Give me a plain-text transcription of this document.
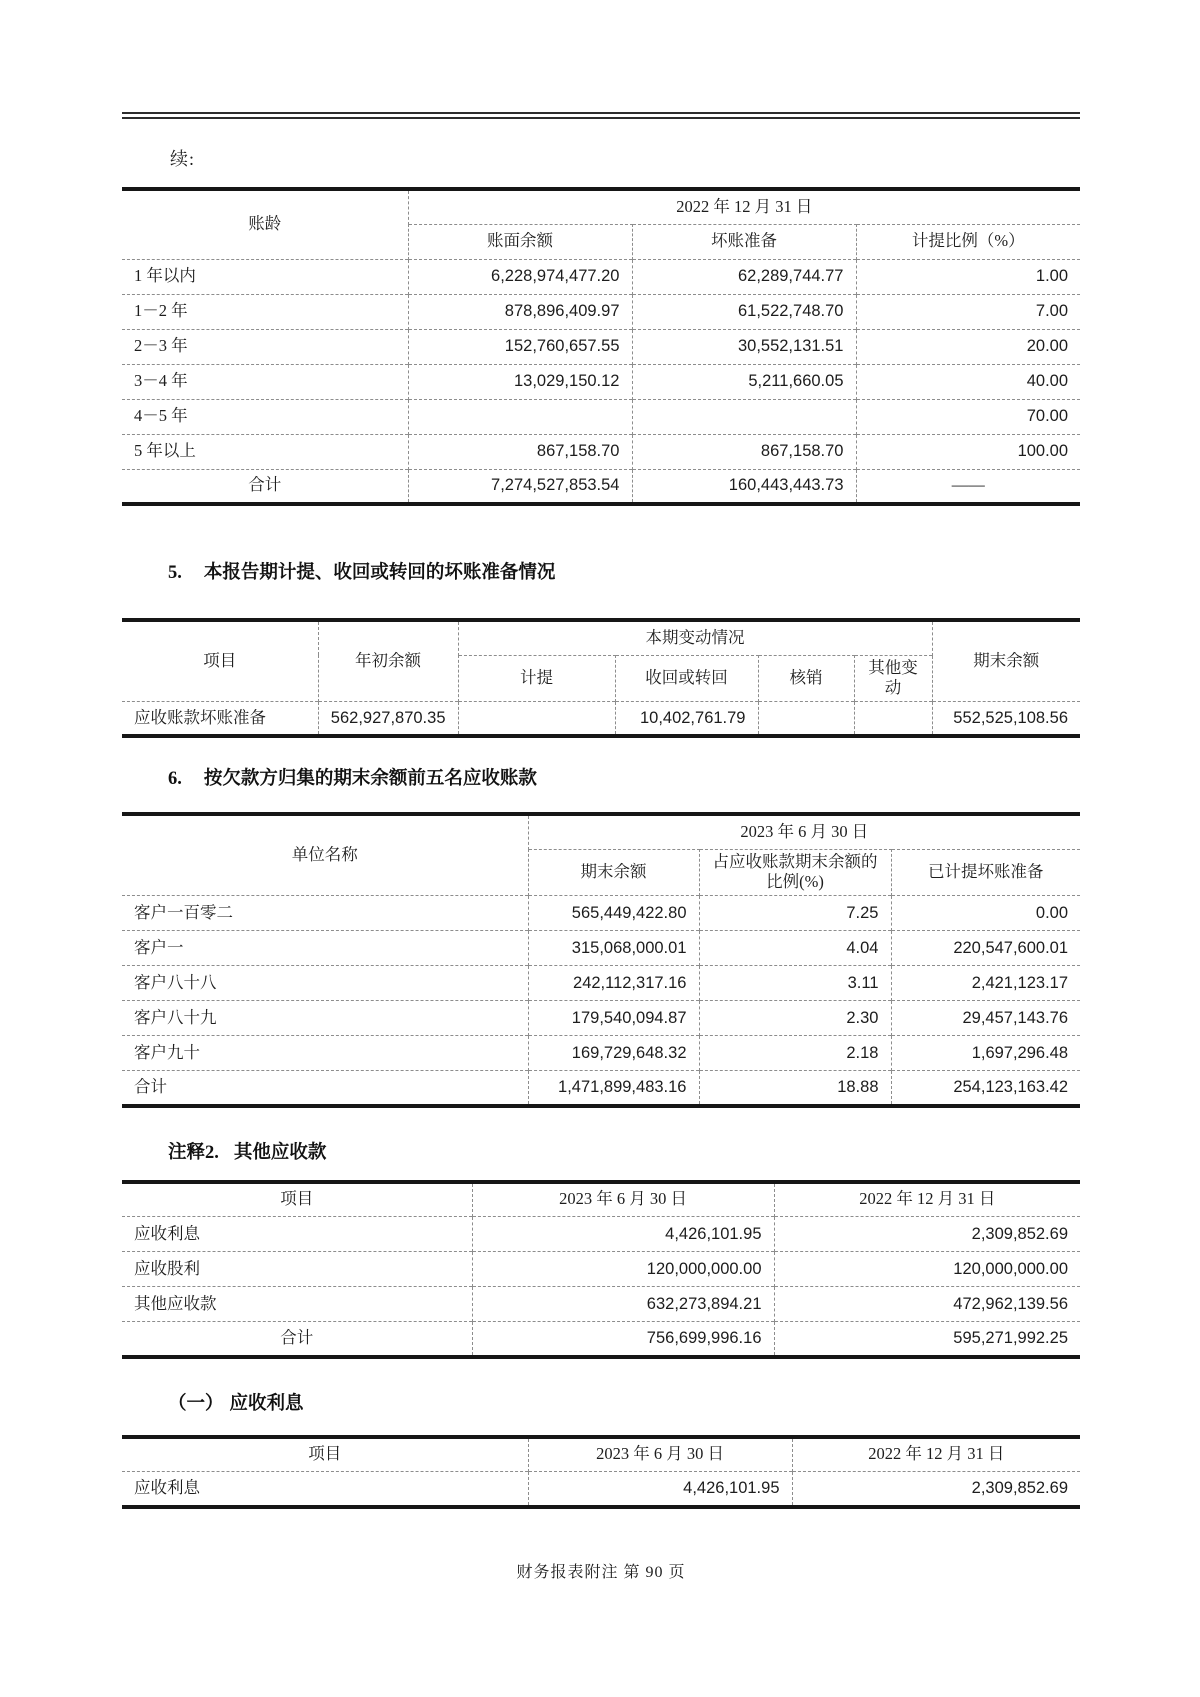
续:
账龄	2022 年 12 月 31 日		
	账面余额	坏账准备	计提比例（%）
1 年以内	6,228,974,477.20	62,289,744.77	1.00
1－2 年	878,896,409.97	61,522,748.70	7.00
2－3 年	152,760,657.55	30,552,131.51	20.00
3－4 年	13,029,150.12	5,211,660.05	40.00
4－5 年			70.00
5 年以上	867,158.70	867,158.70	100.00
合计	7,274,527,853.54	160,443,443.73	——
5. 本报告期计提、收回或转回的坏账准备情况
项目	年初余额	本期变动情况				期末余额
		计提	收回或转回	核销	其他变动	
应收账款坏账准备	562,927,870.35		10,402,761.79			552,525,108.56
6. 按欠款方归集的期末余额前五名应收账款
单位名称	2023 年 6 月 30 日		
	期末余额	占应收账款期末余额的比例(%)	已计提坏账准备
客户一百零二	565,449,422.80	7.25	0.00
客户一	315,068,000.01	4.04	220,547,600.01
客户八十八	242,112,317.16	3.11	2,421,123.17
客户八十九	179,540,094.87	2.30	29,457,143.76
客户九十	169,729,648.32	2.18	1,697,296.48
合计	1,471,899,483.16	18.88	254,123,163.42
注释2. 其他应收款
项目	2023 年 6 月 30 日	2022 年 12 月 31 日
应收利息	4,426,101.95	2,309,852.69
应收股利	120,000,000.00	120,000,000.00
其他应收款	632,273,894.21	472,962,139.56
合计	756,699,996.16	595,271,992.25
（一） 应收利息
项目	2023 年 6 月 30 日	2022 年 12 月 31 日
应收利息	4,426,101.95	2,309,852.69
财务报表附注 第 90 页
